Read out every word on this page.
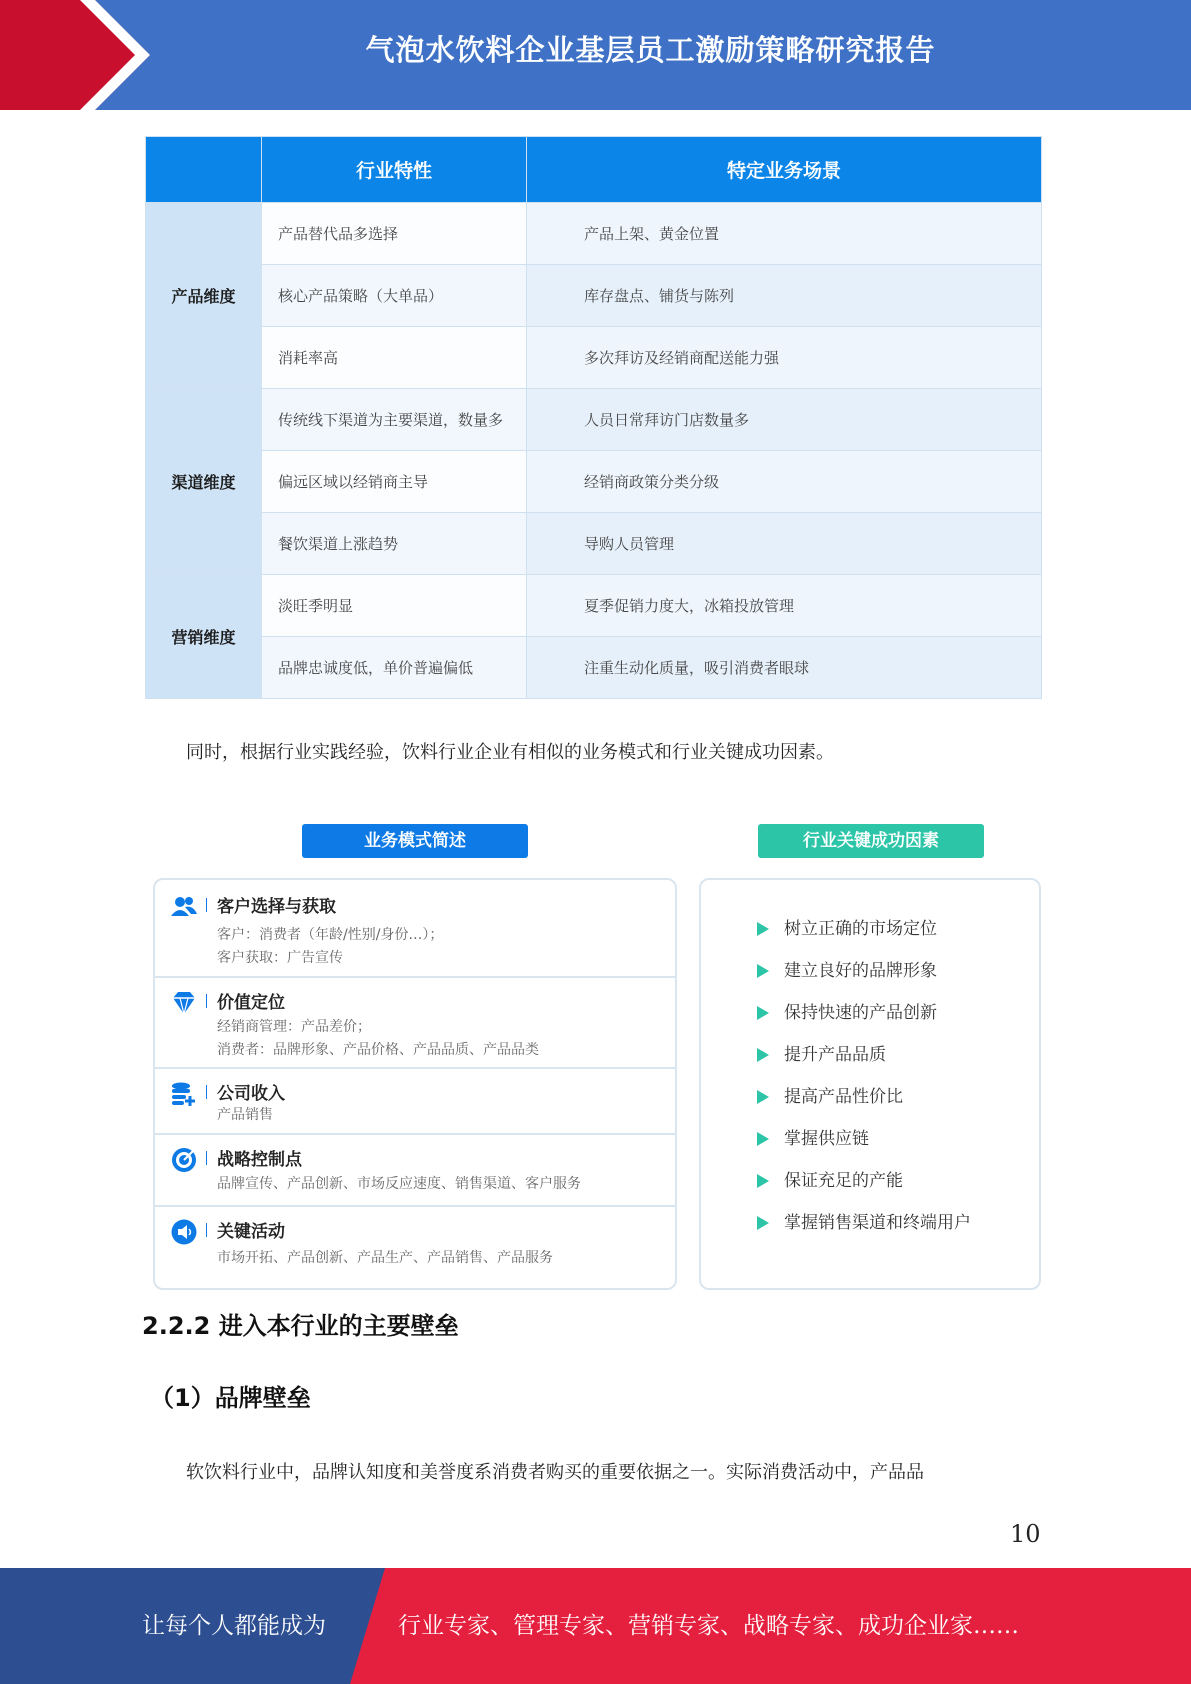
气泡水饮料企业基层员工激励策略研究报告
	行业特性	特定业务场景
产品维度	产品替代品多选择	产品上架、黄金位置
	核心产品策略（大单品）	库存盘点、铺货与陈列
	消耗率高	多次拜访及经销商配送能力强
渠道维度	传统线下渠道为主要渠道，数量多	人员日常拜访门店数量多
	偏远区域以经销商主导	经销商政策分类分级
	餐饮渠道上涨趋势	导购人员管理
营销维度	淡旺季明显	夏季促销力度大，冰箱投放管理
	品牌忠诚度低，单价普遍偏低	注重生动化质量，吸引消费者眼球
同时，根据行业实践经验，饮料行业企业有相似的业务模式和行业关键成功因素。
业务模式简述	行业关键成功因素
客户选择与获取
客户：消费者（年龄/性别/身份…）；
客户获取：广告宣传
价值定位
经销商管理：产品差价；
消费者：品牌形象、产品价格、产品品质、产品品类
公司收入
产品销售
战略控制点
品牌宣传、产品创新、市场反应速度、销售渠道、客户服务
关键活动
市场开拓、产品创新、产品生产、产品销售、产品服务
树立正确的市场定位
建立良好的品牌形象
保持快速的产品创新
提升产品品质
提高产品性价比
掌握供应链
保证充足的产能
掌握销售渠道和终端用户
2.2.2 进入本行业的主要壁垒
（1）品牌壁垒
软饮料行业中，品牌认知度和美誉度系消费者购买的重要依据之一。实际消费活动中，产品品
10
让每个人都能成为	行业专家、管理专家、营销专家、战略专家、成功企业家……
